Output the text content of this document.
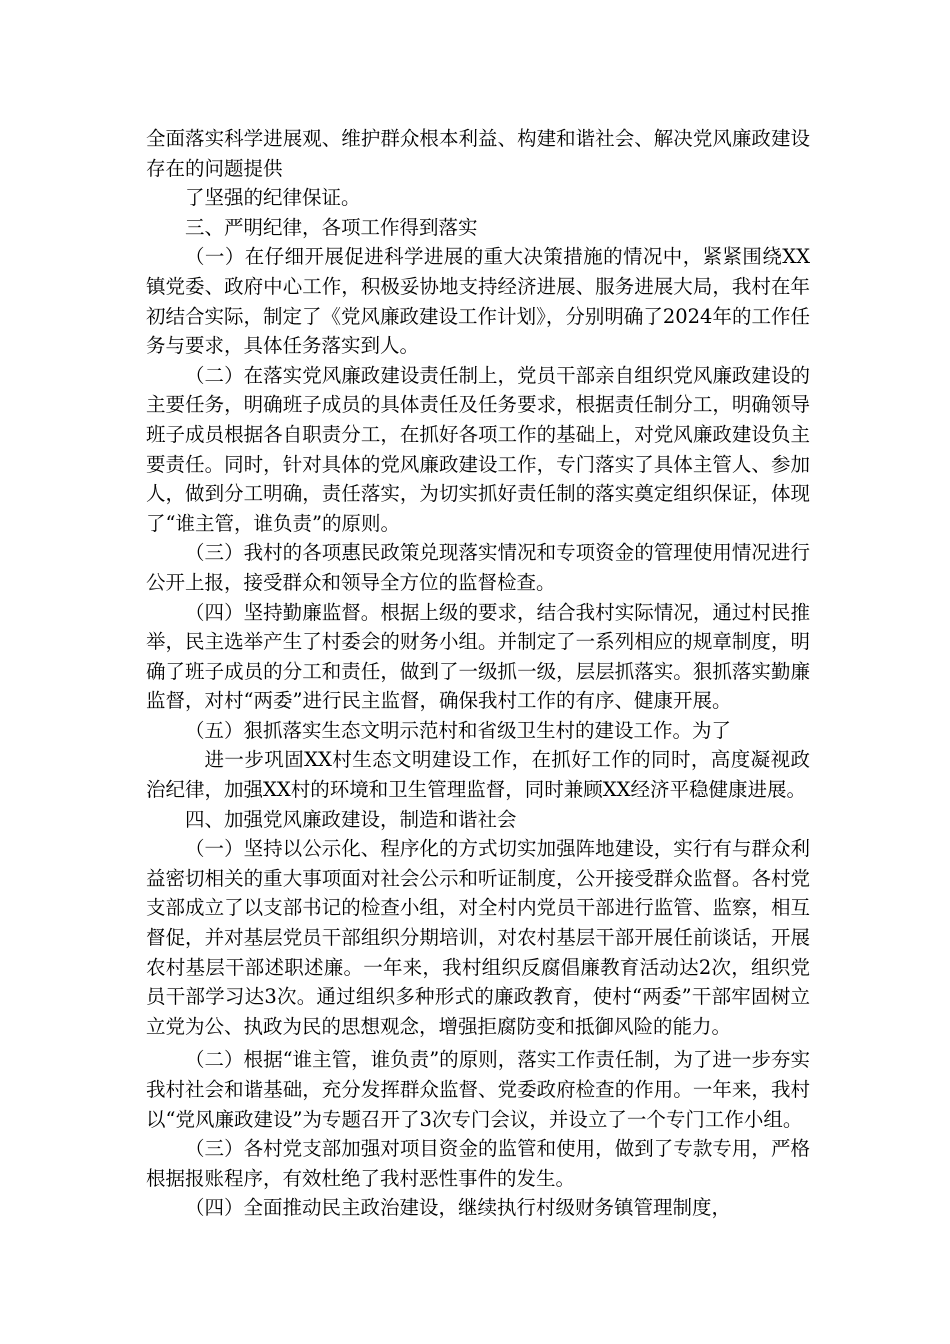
全面落实科学进展观、维护群众根本利益、构建和谐社会、解决党风廉政建设存在的问题提供

了坚强的纪律保证。

三、严明纪律，各项工作得到落实

（一）在仔细开展促进科学进展的重大决策措施的情况中，紧紧围绕XX镇党委、政府中心工作，积极妥协地支持经济进展、服务进展大局，我村在年初结合实际，制定了《党风廉政建设工作计划》，分别明确了2024年的工作任务与要求，具体任务落实到人。

（二）在落实党风廉政建设责任制上，党员干部亲自组织党风廉政建设的主要任务，明确班子成员的具体责任及任务要求，根据责任制分工，明确领导班子成员根据各自职责分工，在抓好各项工作的基础上，对党风廉政建设负主要责任。同时，针对具体的党风廉政建设工作，专门落实了具体主管人、参加人，做到分工明确，责任落实，为切实抓好责任制的落实奠定组织保证，体现了“谁主管，谁负责”的原则。

（三）我村的各项惠民政策兑现落实情况和专项资金的管理使用情况进行公开上报，接受群众和领导全方位的监督检查。

（四）坚持勤廉监督。根据上级的要求，结合我村实际情况，通过村民推举，民主选举产生了村委会的财务小组。并制定了一系列相应的规章制度，明确了班子成员的分工和责任，做到了一级抓一级，层层抓落实。狠抓落实勤廉监督，对村“两委”进行民主监督，确保我村工作的有序、健康开展。

（五）狠抓落实生态文明示范村和省级卫生村的建设工作。为了

进一步巩固XX村生态文明建设工作，在抓好工作的同时，高度凝视政治纪律，加强XX村的环境和卫生管理监督，同时兼顾XX经济平稳健康进展。

四、加强党风廉政建设，制造和谐社会

（一）坚持以公示化、程序化的方式切实加强阵地建设，实行有与群众利益密切相关的重大事项面对社会公示和听证制度，公开接受群众监督。各村党支部成立了以支部书记的检查小组，对全村内党员干部进行监管、监察，相互督促，并对基层党员干部组织分期培训，对农村基层干部开展任前谈话，开展农村基层干部述职述廉。一年来，我村组织反腐倡廉教育活动达2次，组织党员干部学习达3次。通过组织多种形式的廉政教育，使村“两委”干部牢固树立立党为公、执政为民的思想观念，增强拒腐防变和抵御风险的能力。

（二）根据“谁主管，谁负责”的原则，落实工作责任制，为了进一步夯实我村社会和谐基础，充分发挥群众监督、党委政府检查的作用。一年来，我村以“党风廉政建设”为专题召开了3次专门会议，并设立了一个专门工作小组。

（三）各村党支部加强对项目资金的监管和使用，做到了专款专用，严格根据报账程序，有效杜绝了我村恶性事件的发生。

（四）全面推动民主政治建设，继续执行村级财务镇管理制度，
